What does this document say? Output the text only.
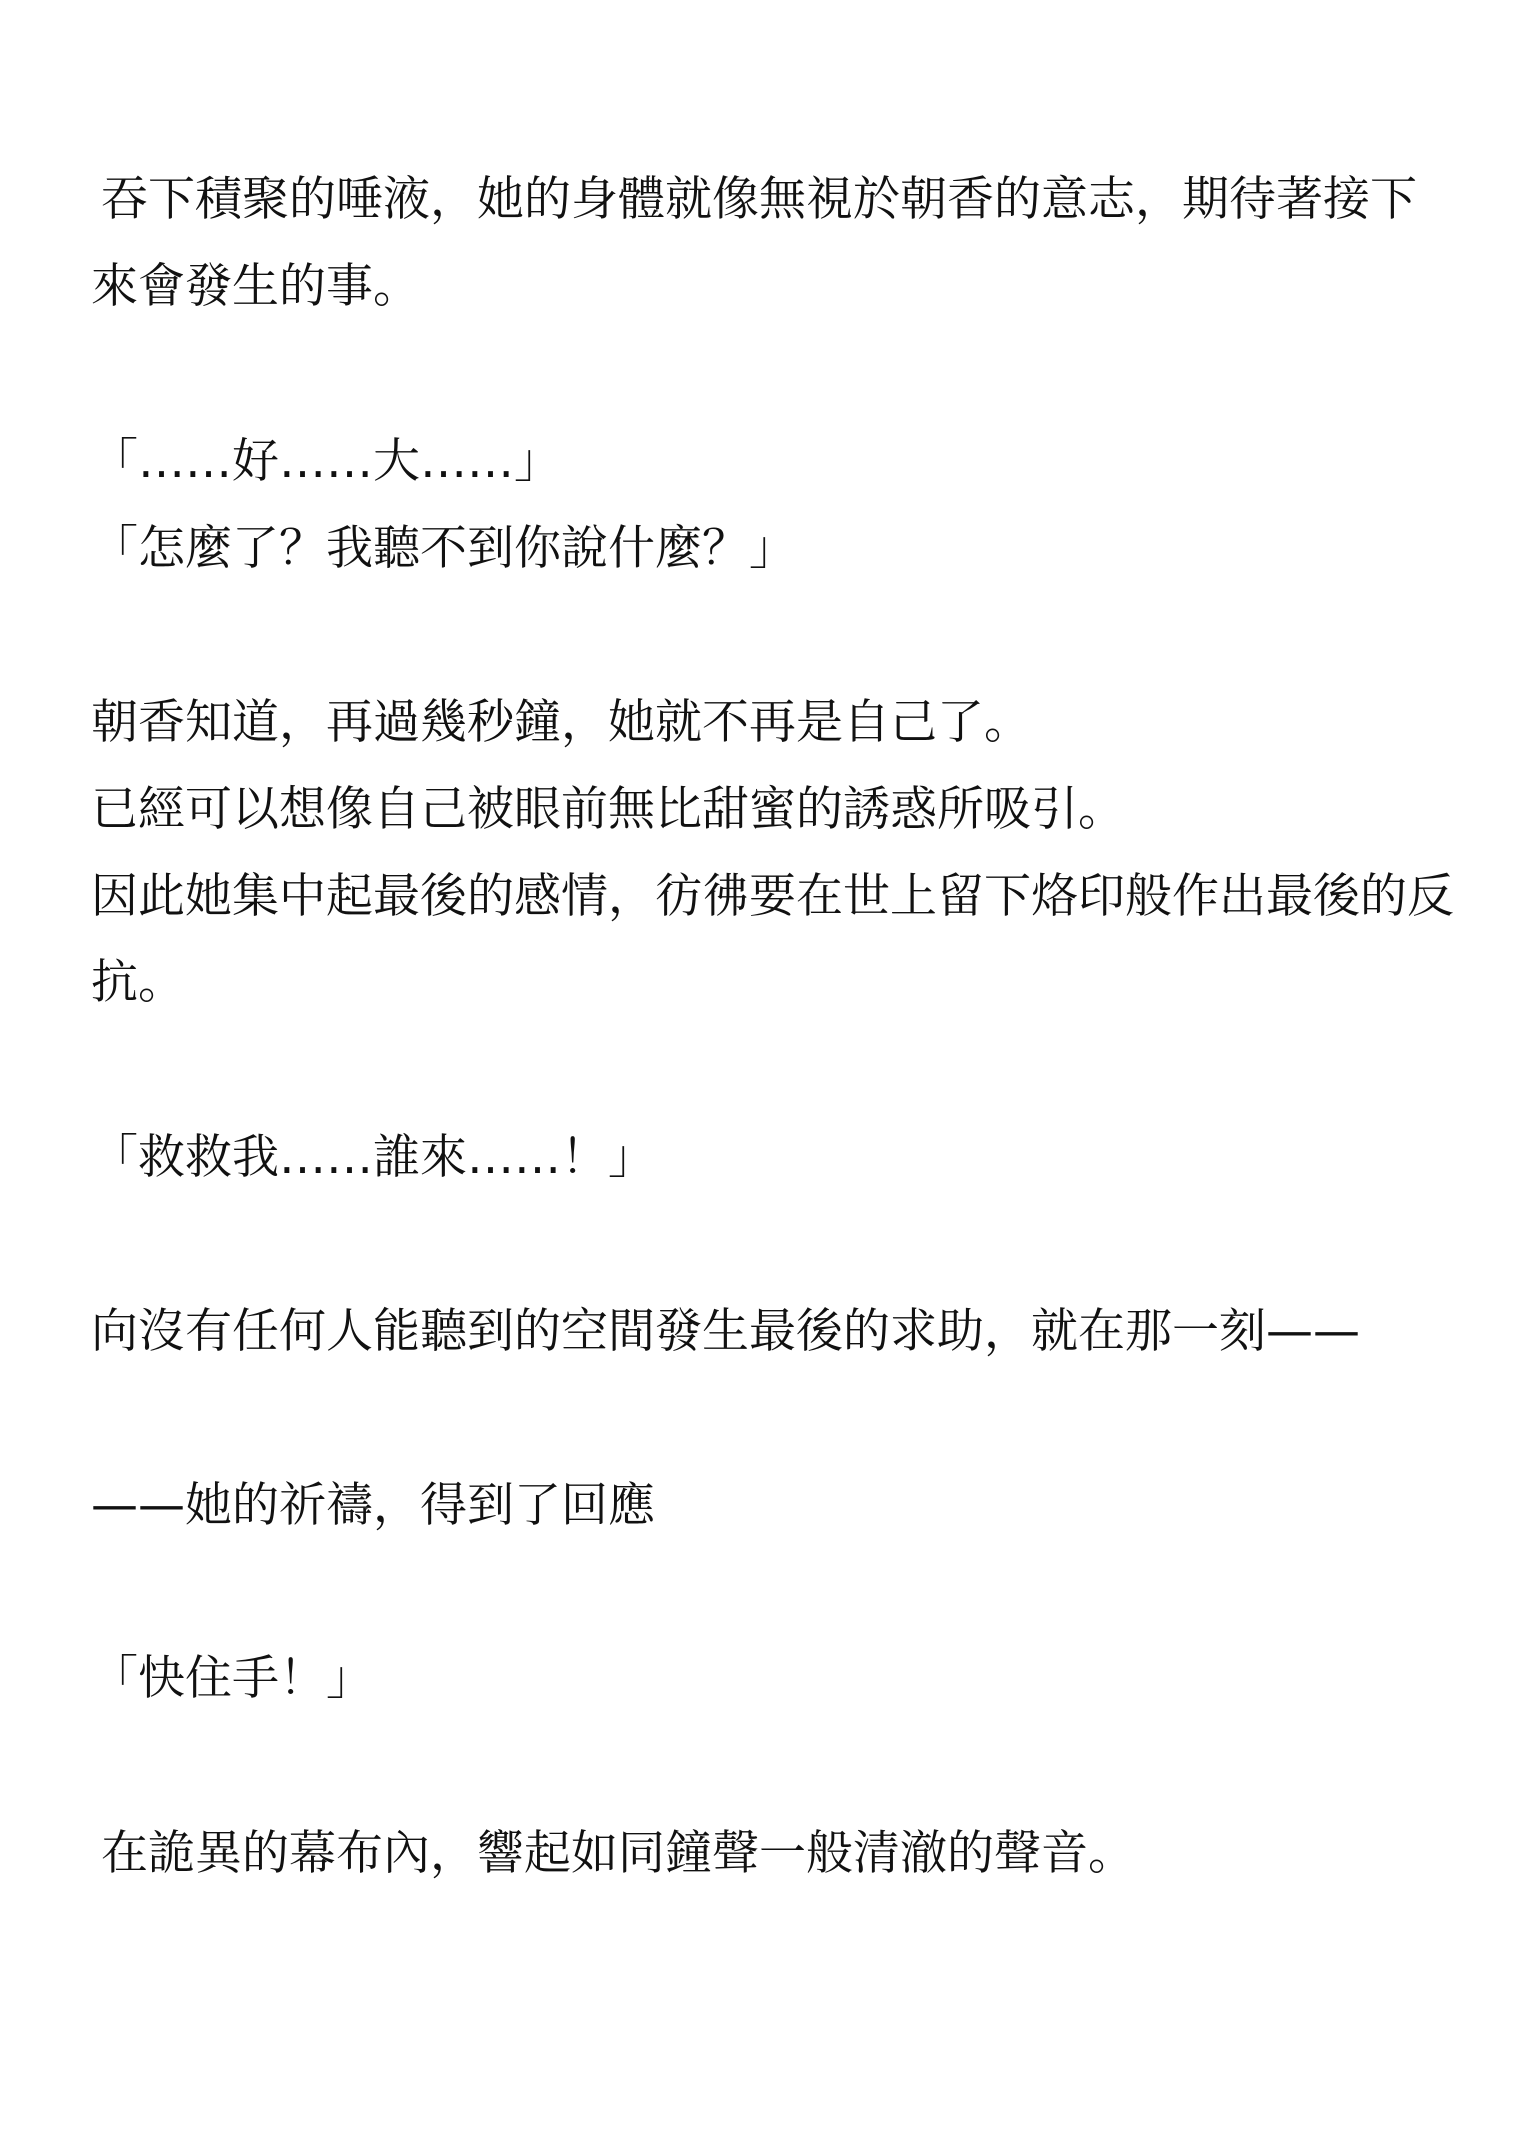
吞下積聚的唾液，她的身體就像無視於朝香的意志，期待著接下
來會發生的事。
「……好……大……」
「怎麼了？我聽不到你說什麼？」
朝香知道，再過幾秒鐘，她就不再是自己了。
已經可以想像自己被眼前無比甜蜜的誘惑所吸引。
因此她集中起最後的感情，彷彿要在世上留下烙印般作出最後的反
抗。
「救救我……誰來……！」
向沒有任何人能聽到的空間發生最後的求助，就在那一刻——
——她的祈禱，得到了回應
「快住手！」
在詭異的幕布內，響起如同鐘聲一般清澈的聲音。
